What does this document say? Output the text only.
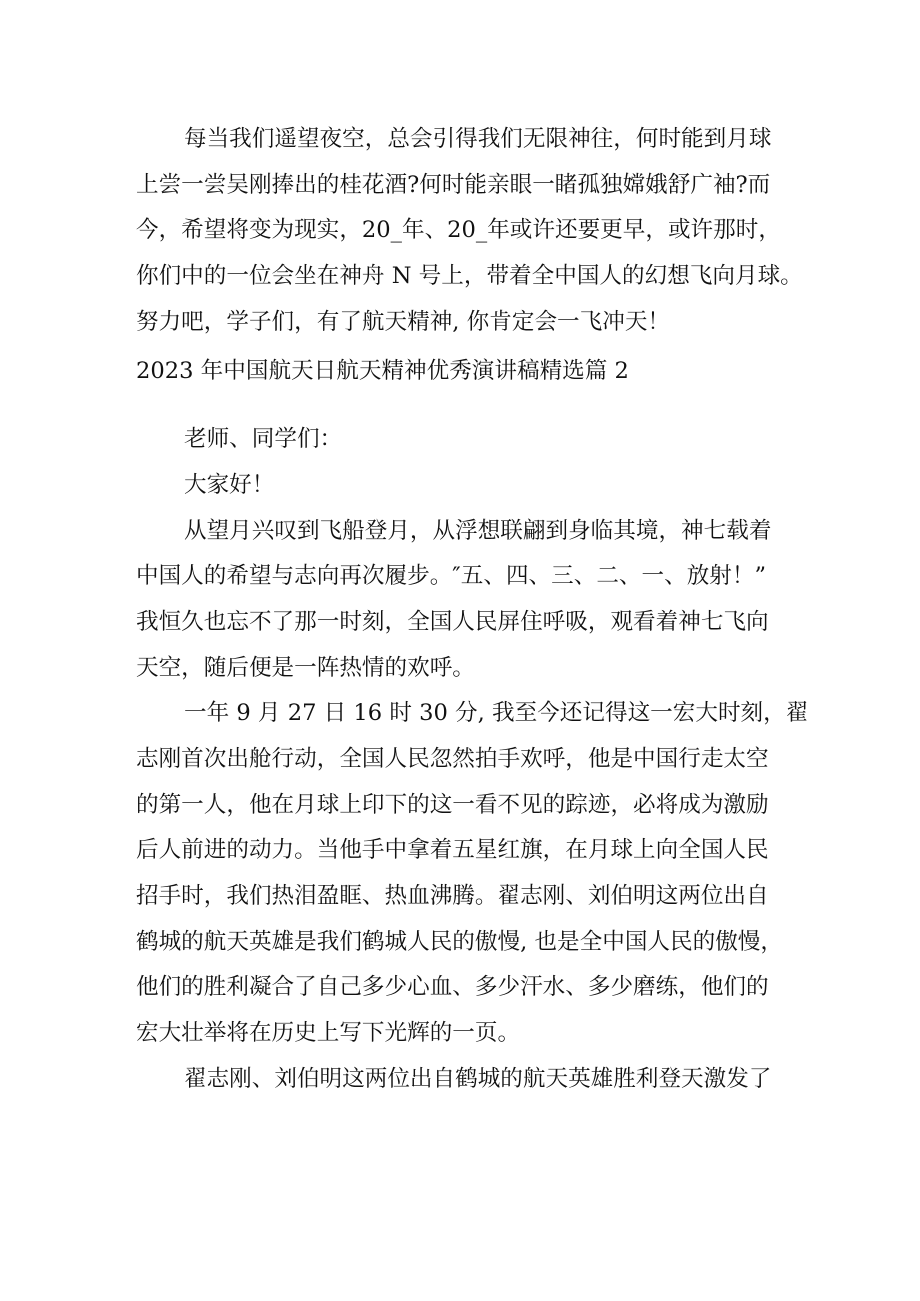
每当我们遥望夜空，总会引得我们无限神往，何时能到月球
上尝一尝吴刚捧出的桂花酒?何时能亲眼一睹孤独嫦娥舒广袖?而
今，希望将变为现实，20_年、20_年或许还要更早，或许那时，
你们中的一位会坐在神舟 N 号上，带着全中国人的幻想飞向月球。
努力吧，学子们，有了航天精神, 你肯定会一飞冲天！
2023 年中国航天日航天精神优秀演讲稿精选篇 2
老师、同学们：
大家好！
从望月兴叹到飞船登月，从浮想联翩到身临其境，神七载着
中国人的希望与志向再次履步。″五、四、三、二、一、放射！”
我恒久也忘不了那一时刻，全国人民屏住呼吸，观看着神七飞向
天空，随后便是一阵热情的欢呼。
一年 9 月 27 日 16 时 30 分, 我至今还记得这一宏大时刻，翟
志刚首次出舱行动，全国人民忽然拍手欢呼，他是中国行走太空
的第一人，他在月球上印下的这一看不见的踪迹，必将成为激励
后人前进的动力。当他手中拿着五星红旗，在月球上向全国人民
招手时，我们热泪盈眶、热血沸腾。翟志刚、刘伯明这两位出自
鹤城的航天英雄是我们鹤城人民的傲慢, 也是全中国人民的傲慢，
他们的胜利凝合了自己多少心血、多少汗水、多少磨练，他们的
宏大壮举将在历史上写下光辉的一页。
翟志刚、刘伯明这两位出自鹤城的航天英雄胜利登天激发了
